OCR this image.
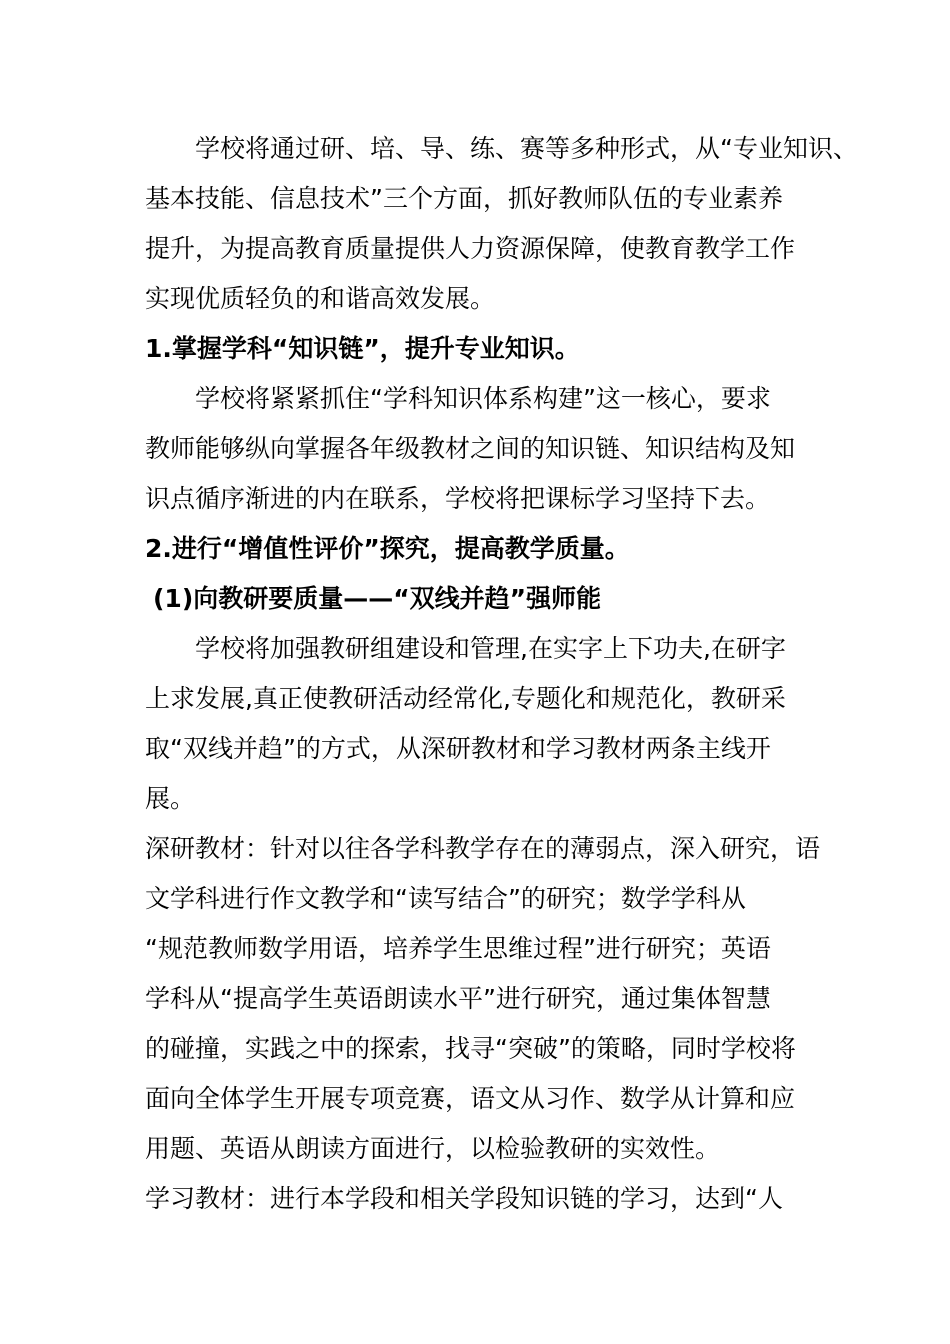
学校将通过研、培、导、练、赛等多种形式，从“专业知识、
基本技能、信息技术”三个方面，抓好教师队伍的专业素养
提升，为提高教育质量提供人力资源保障，使教育教学工作
实现优质轻负的和谐高效发展。
1.掌握学科“知识链”，提升专业知识。
学校将紧紧抓住“学科知识体系构建”这一核心，要求
教师能够纵向掌握各年级教材之间的知识链、知识结构及知
识点循序渐进的内在联系，学校将把课标学习坚持下去。
2.进行“增值性评价”探究，提高教学质量。
(1)向教研要质量——“双线并趋”强师能
学校将加强教研组建设和管理,在实字上下功夫,在研字
上求发展,真正使教研活动经常化,专题化和规范化，教研采
取“双线并趋”的方式，从深研教材和学习教材两条主线开
展。
深研教材：针对以往各学科教学存在的薄弱点，深入研究，语
文学科进行作文教学和“读写结合”的研究；数学学科从
“规范教师数学用语，培养学生思维过程”进行研究；英语
学科从“提高学生英语朗读水平”进行研究，通过集体智慧
的碰撞，实践之中的探索，找寻“突破”的策略，同时学校将
面向全体学生开展专项竞赛，语文从习作、数学从计算和应
用题、英语从朗读方面进行，以检验教研的实效性。
学习教材：进行本学段和相关学段知识链的学习，达到“人
